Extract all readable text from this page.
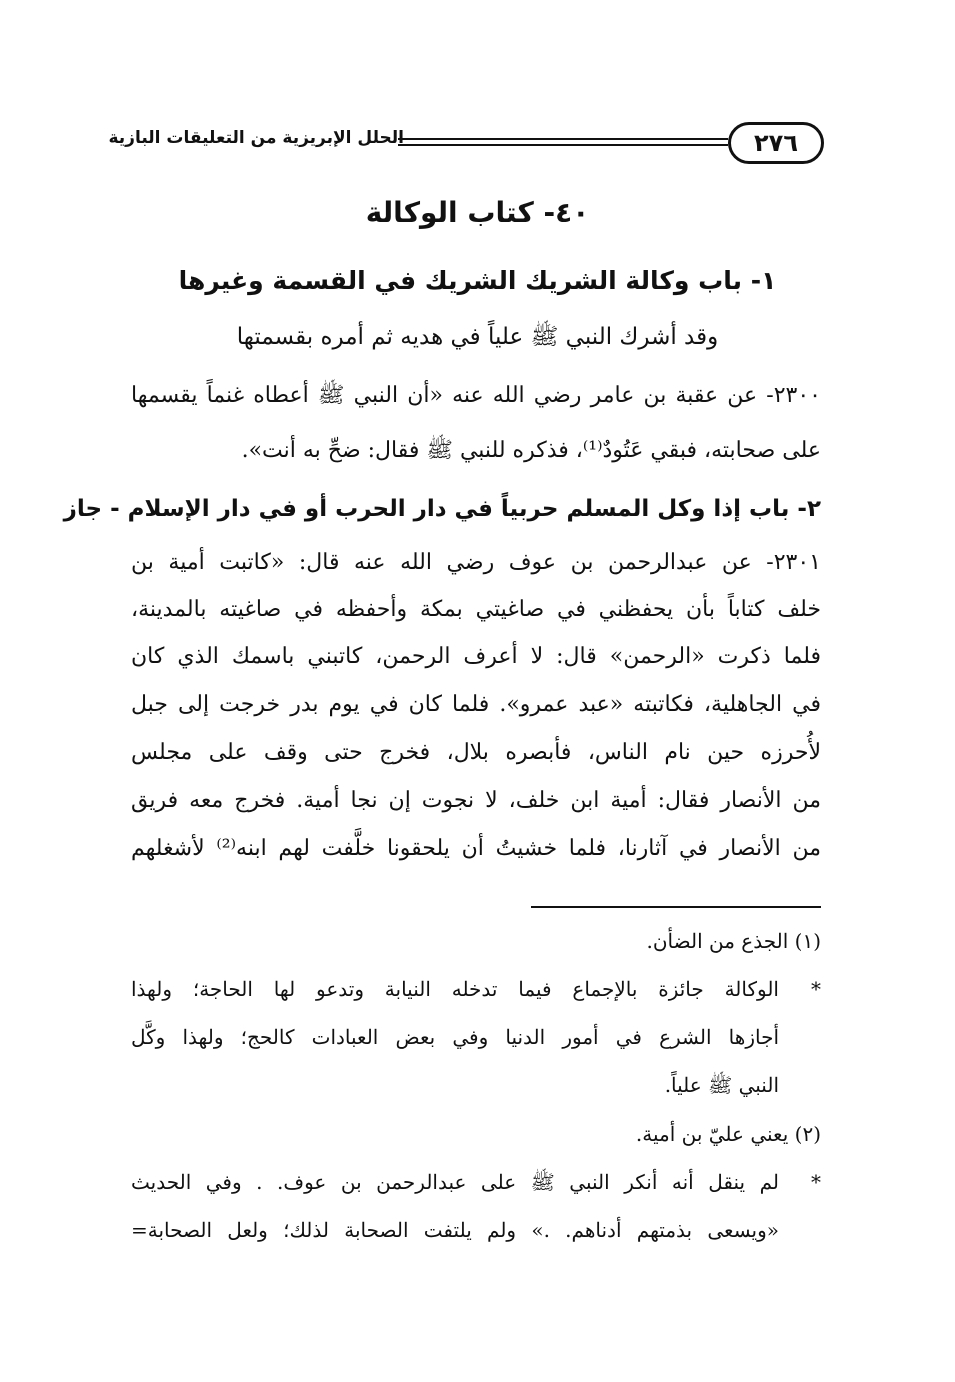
٢٧٦
الحلل الإبريزية من التعليقات البازية
٤٠- كتاب الوكالة
١- باب وكالة الشريك الشريك في القسمة وغيرها
وقد أشرك النبي ﷺ علياً في هديه ثم أمره بقسمتها
٢٣٠٠- عن عقبة بن عامر رضي الله عنه «أن النبي ﷺ أعطاه غنماً يقسمها
على صحابته، فبقي عَتُودٌ⁽¹⁾، فذكره للنبي ﷺ فقال: ضحِّ به أنت».
٢- باب إذا وكل المسلم حربياً في دار الحرب أو في دار الإسلام - جاز
٢٣٠١- عن عبدالرحمن بن عوف رضي الله عنه قال: «كاتبت أمية بن
خلف كتاباً بأن يحفظني في صاغيتي بمكة وأحفظه في صاغيته بالمدينة،
فلما ذكرت «الرحمن» قال: لا أعرف الرحمن، كاتبني باسمك الذي كان
في الجاهلية، فكاتبته «عبد عمرو». فلما كان في يوم بدر خرجت إلى جبل
لأُحرزه حين نام الناس، فأبصره بلال، فخرج حتى وقف على مجلس
من الأنصار فقال: أمية ابن خلف، لا نجوت إن نجا أمية. فخرج معه فريق
من الأنصار في آثارنا، فلما خشيتُ أن يلحقونا خلَّفت لهم ابنه⁽²⁾ لأشغلهم
(١) الجذع من الضأن.
*
الوكالة جائزة بالإجماع فيما تدخله النيابة وتدعو لها الحاجة؛ ولهذا
أجازها الشرع في أمور الدنيا وفي بعض العبادات كالحج؛ ولهذا وكَّل
النبي ﷺ علياً.
(٢) يعني عليّ بن أمية.
*
لم ينقل أنه أنكر النبي ﷺ على عبدالرحمن بن عوف. . وفي الحديث
«ويسعى بذمتهم أدناهم. .» ولم يلتفت الصحابة لذلك؛ ولعل الصحابة=
